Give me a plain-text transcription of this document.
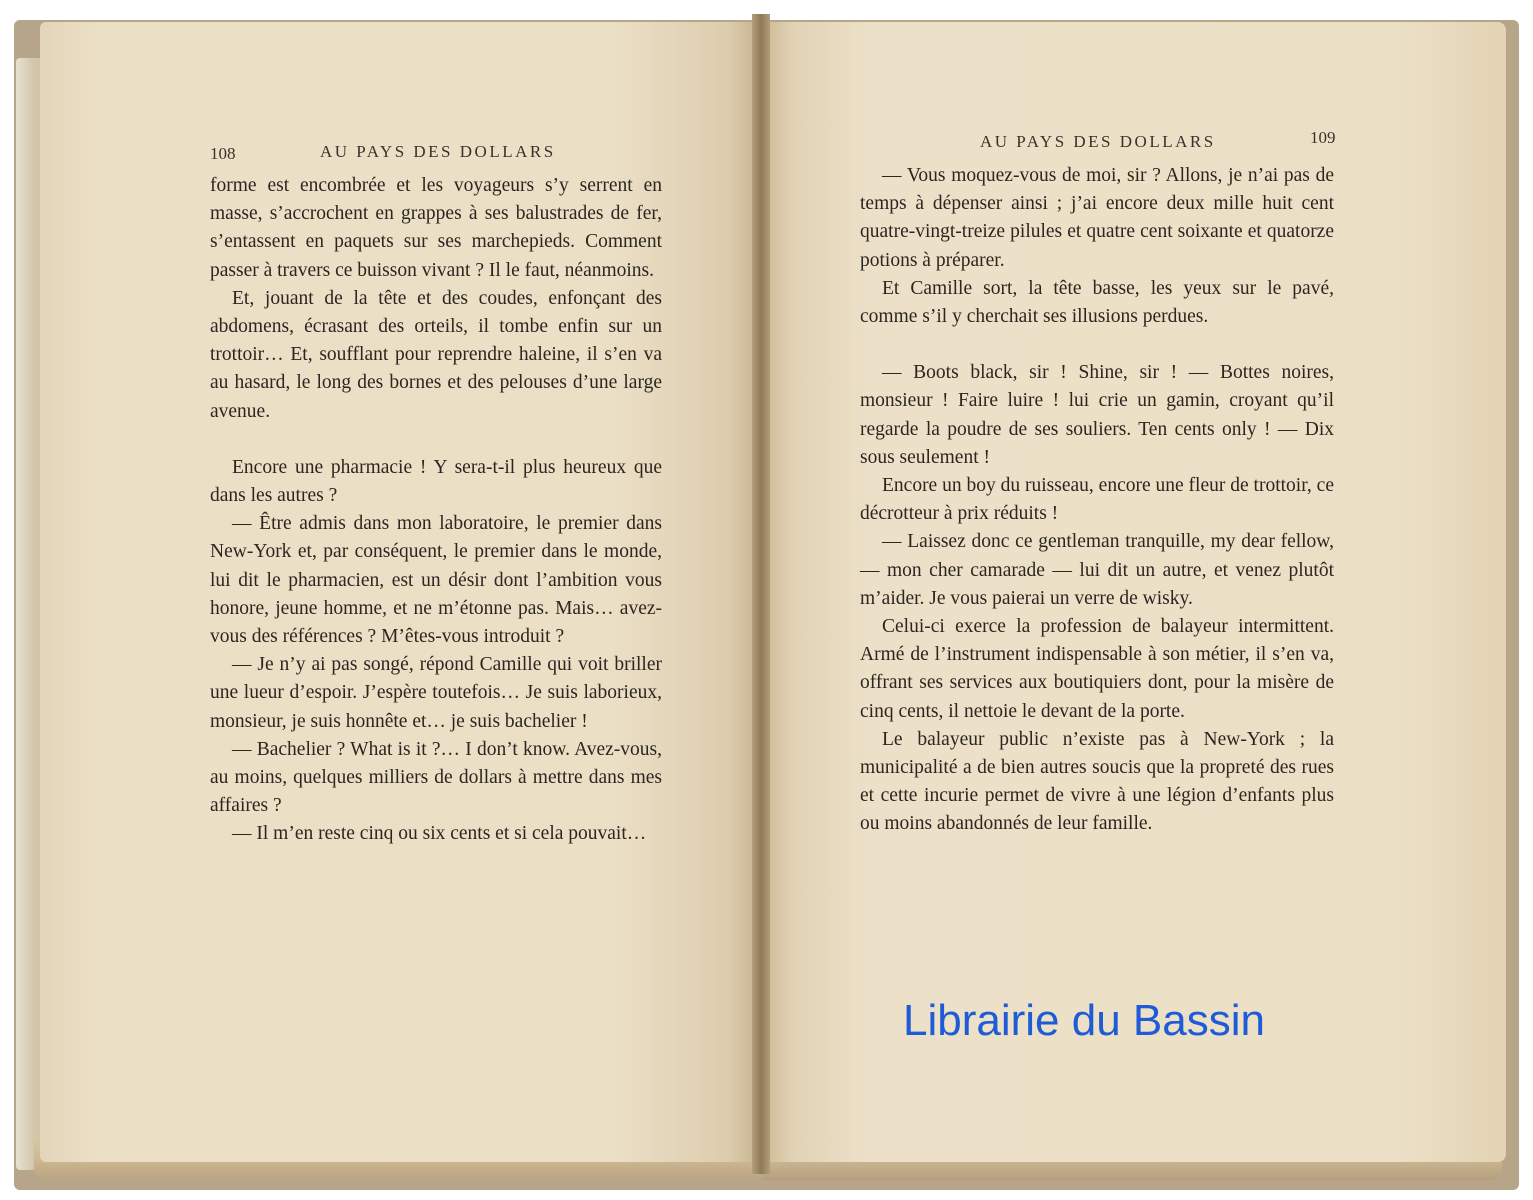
108	AU PAYS DES DOLLARS

forme est encombrée et les voyageurs s’y serrent en masse, s’accrochent en grappes à ses balustrades de fer, s’entassent en paquets sur ses marchepieds. Comment passer à travers ce buisson vivant ? Il le faut, néanmoins.

Et, jouant de la tête et des coudes, enfonçant des abdomens, écrasant des orteils, il tombe enfin sur un trottoir… Et, soufflant pour reprendre haleine, il s’en va au hasard, le long des bornes et des pelouses d’une large avenue.

Encore une pharmacie ! Y sera-t-il plus heureux que dans les autres ?

— Être admis dans mon laboratoire, le premier dans New-York et, par conséquent, le premier dans le monde, lui dit le pharmacien, est un désir dont l’ambition vous honore, jeune homme, et ne m’étonne pas. Mais… avez-vous des références ? M’êtes-vous introduit ?

— Je n’y ai pas songé, répond Camille qui voit briller une lueur d’espoir. J’espère toutefois… Je suis laborieux, monsieur, je suis honnête et… je suis bachelier !

— Bachelier ? What is it ?… I don’t know. Avez-vous, au moins, quelques milliers de dollars à mettre dans mes affaires ?

— Il m’en reste cinq ou six cents et si cela pouvait…

AU PAYS DES DOLLARS	109

— Vous moquez-vous de moi, sir ? Allons, je n’ai pas de temps à dépenser ainsi ; j’ai encore deux mille huit cent quatre-vingt-treize pilules et quatre cent soixante et quatorze potions à préparer.

Et Camille sort, la tête basse, les yeux sur le pavé, comme s’il y cherchait ses illusions perdues.

— Boots black, sir ! Shine, sir ! — Bottes noires, monsieur ! Faire luire ! lui crie un gamin, croyant qu’il regarde la poudre de ses souliers. Ten cents only ! — Dix sous seulement !

Encore un boy du ruisseau, encore une fleur de trottoir, ce décrotteur à prix réduits !

— Laissez donc ce gentleman tranquille, my dear fellow, — mon cher camarade — lui dit un autre, et venez plutôt m’aider. Je vous paierai un verre de wisky.

Celui-ci exerce la profession de balayeur intermittent. Armé de l’instrument indispensable à son métier, il s’en va, offrant ses services aux boutiquiers dont, pour la misère de cinq cents, il nettoie le devant de la porte.

Le balayeur public n’existe pas à New-York ; la municipalité a de bien autres soucis que la propreté des rues et cette incurie permet de vivre à une légion d’enfants plus ou moins abandonnés de leur famille.

Librairie du Bassin
